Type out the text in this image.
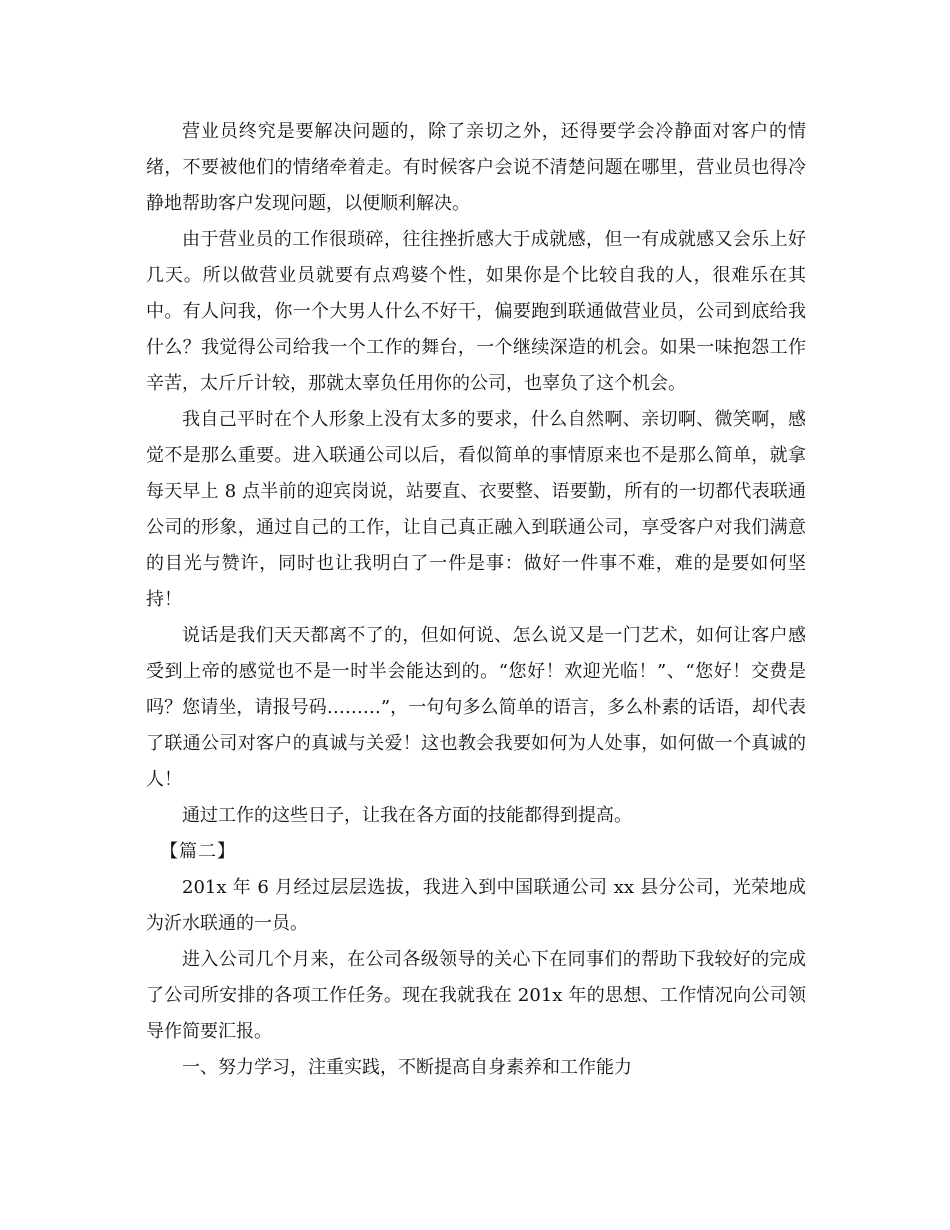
营业员终究是要解决问题的，除了亲切之外，还得要学会冷静面对客户的情绪，不要被他们的情绪牵着走。有时候客户会说不清楚问题在哪里，营业员也得冷静地帮助客户发现问题，以便顺利解决。

由于营业员的工作很琐碎，往往挫折感大于成就感，但一有成就感又会乐上好几天。所以做营业员就要有点鸡婆个性，如果你是个比较自我的人，很难乐在其中。有人问我，你一个大男人什么不好干，偏要跑到联通做营业员，公司到底给我什么？我觉得公司给我一个工作的舞台，一个继续深造的机会。如果一味抱怨工作辛苦，太斤斤计较，那就太辜负任用你的公司，也辜负了这个机会。

我自己平时在个人形象上没有太多的要求，什么自然啊、亲切啊、微笑啊，感觉不是那么重要。进入联通公司以后，看似简单的事情原来也不是那么简单，就拿每天早上 8 点半前的迎宾岗说，站要直、衣要整、语要勤，所有的一切都代表联通公司的形象，通过自己的工作，让自己真正融入到联通公司，享受客户对我们满意的目光与赞许，同时也让我明白了一件是事：做好一件事不难，难的是要如何坚持！

说话是我们天天都离不了的，但如何说、怎么说又是一门艺术，如何让客户感受到上帝的感觉也不是一时半会能达到的。“您好！欢迎光临！”、“您好！交费是吗？您请坐，请报号码………”，一句句多么简单的语言，多么朴素的话语，却代表了联通公司对客户的真诚与关爱！这也教会我要如何为人处事，如何做一个真诚的人！

通过工作的这些日子，让我在各方面的技能都得到提高。

【篇二】

201x 年 6 月经过层层选拔，我进入到中国联通公司 xx 县分公司，光荣地成为沂水联通的一员。

进入公司几个月来，在公司各级领导的关心下在同事们的帮助下我较好的完成了公司所安排的各项工作任务。现在我就我在 201x 年的思想、工作情况向公司领导作简要汇报。

一、努力学习，注重实践，不断提高自身素养和工作能力
